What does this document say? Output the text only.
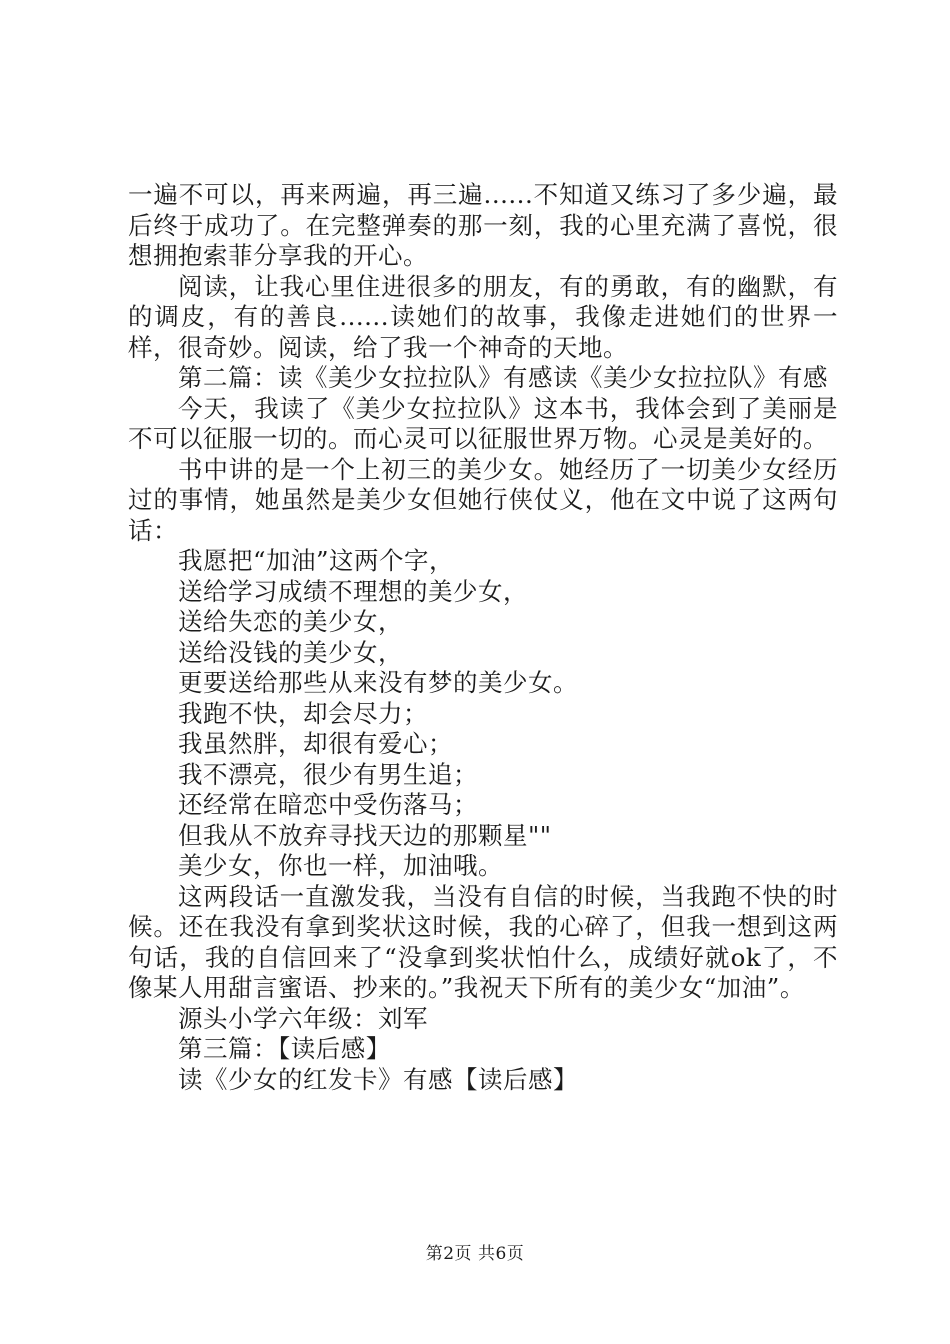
一遍不可以，再来两遍，再三遍......不知道又练习了多少遍，最后终于成功了。在完整弹奏的那一刻，我的心里充满了喜悦，很想拥抱索菲分享我的开心。

阅读，让我心里住进很多的朋友，有的勇敢，有的幽默，有的调皮，有的善良......读她们的故事，我像走进她们的世界一样，很奇妙。阅读，给了我一个神奇的天地。

第二篇：读《美少女拉拉队》有感读《美少女拉拉队》有感

今天，我读了《美少女拉拉队》这本书，我体会到了美丽是不可以征服一切的。而心灵可以征服世界万物。心灵是美好的。

书中讲的是一个上初三的美少女。她经历了一切美少女经历过的事情，她虽然是美少女但她行侠仗义，他在文中说了这两句话：

我愿把“加油”这两个字，

送给学习成绩不理想的美少女，

送给失恋的美少女，

送给没钱的美少女，

更要送给那些从来没有梦的美少女。

我跑不快，却会尽力；

我虽然胖，却很有爱心；

我不漂亮，很少有男生追；

还经常在暗恋中受伤落马；

但我从不放弃寻找天边的那颗星""

美少女，你也一样，加油哦。

这两段话一直激发我，当没有自信的时候，当我跑不快的时候。还在我没有拿到奖状这时候，我的心碎了，但我一想到这两句话，我的自信回来了“没拿到奖状怕什么，成绩好就ok了，不像某人用甜言蜜语、抄来的。”我祝天下所有的美少女“加油”。

源头小学六年级：刘军

第三篇：【读后感】

读《少女的红发卡》有感【读后感】

第2页 共6页
